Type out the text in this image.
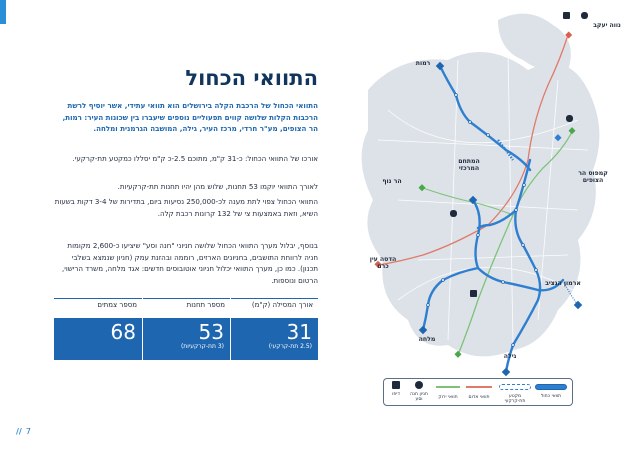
התוואי הכחול

התוואי הכחול של הרכבת הקלה בירושלים הוא תוואי עתידי, אשר יוסיף לרשת הרכבות הקלות שלושה קווים תפעוליים נוספים שיעברו בין שכונות העיר: רמות, הר הצופים, מע"ר חרדי, מרכז העיר, גילה, המושבה הגרמנית ומלחה.

אורכו של התוואי הכחול: כ-31 ק"מ, מתוכם 2.5-כ ק"מ יסללו כמקטע תת-קרקעי.

לאורך התוואי יוקמו 53 תחנות, שלוש מהן יהיו תחנות תת-קרקעיות.

התוואי הכחול צפוי לתת מענה לכ-250,000 נסיעות ביום, בתדירות של 3-4 דקות בשעות השיא, וזאת באמצעות צי של 132 קרונות רכבת קלה.

בנוסף, יבלול מערך התוואי הכחול שלושה חניוני "חנה וסע" שיציעו כ-2,600 מקומות חניה לרווחת התושבים, בחניונים הארזים, רוממה ובהזנת עמק (חניון שנמצא בשלבי תכנון). כמו כן, מערך התוואי יכלול חניוני אוטובוסים חדשים: אגד מלחה, משרד הרישוי, הרטום ונוספות.

אורך המסילה (ק"מ)
31
(2.5 תת-קרקעי)
מספר תחנות
53
(3 תת-קרקעיות)
מספר צמתים
68
// 7
נווה יעקב
רמות
המתחם המרכזי
הר נוף
קמפוס הר הצופים
הדסה עין כרם
ארמון הנציב
מלחה
גילה
תוואי כחול
מקטע תת-קרקעי
תוואי אדום
תוואי ירוק
חניון חנה וסע
דיפו
